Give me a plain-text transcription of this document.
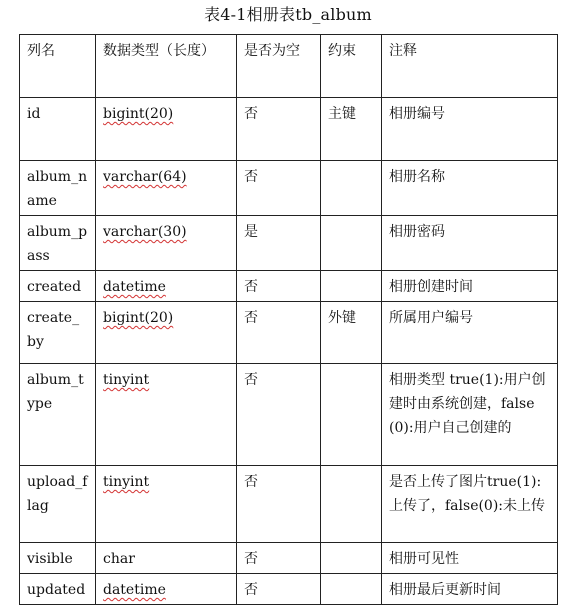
表4-1相册表tb_album
列名	数据类型（长度）	是否为空	约束	注释
id	bigint(20)	否	主键	相册编号
album_name	varchar(64)	否		相册名称
album_pass	varchar(30)	是		相册密码
created	datetime	否		相册创建时间
create_by	bigint(20)	否	外键	所属用户编号
album_type	tinyint	否		相册类型 true(1):用户创建时由系统创建，false(0):用户自己创建的
upload_flag	tinyint	否		是否上传了图片true(1):上传了，false(0):未上传
visible	char	否		相册可见性
updated	datetime	否		相册最后更新时间
